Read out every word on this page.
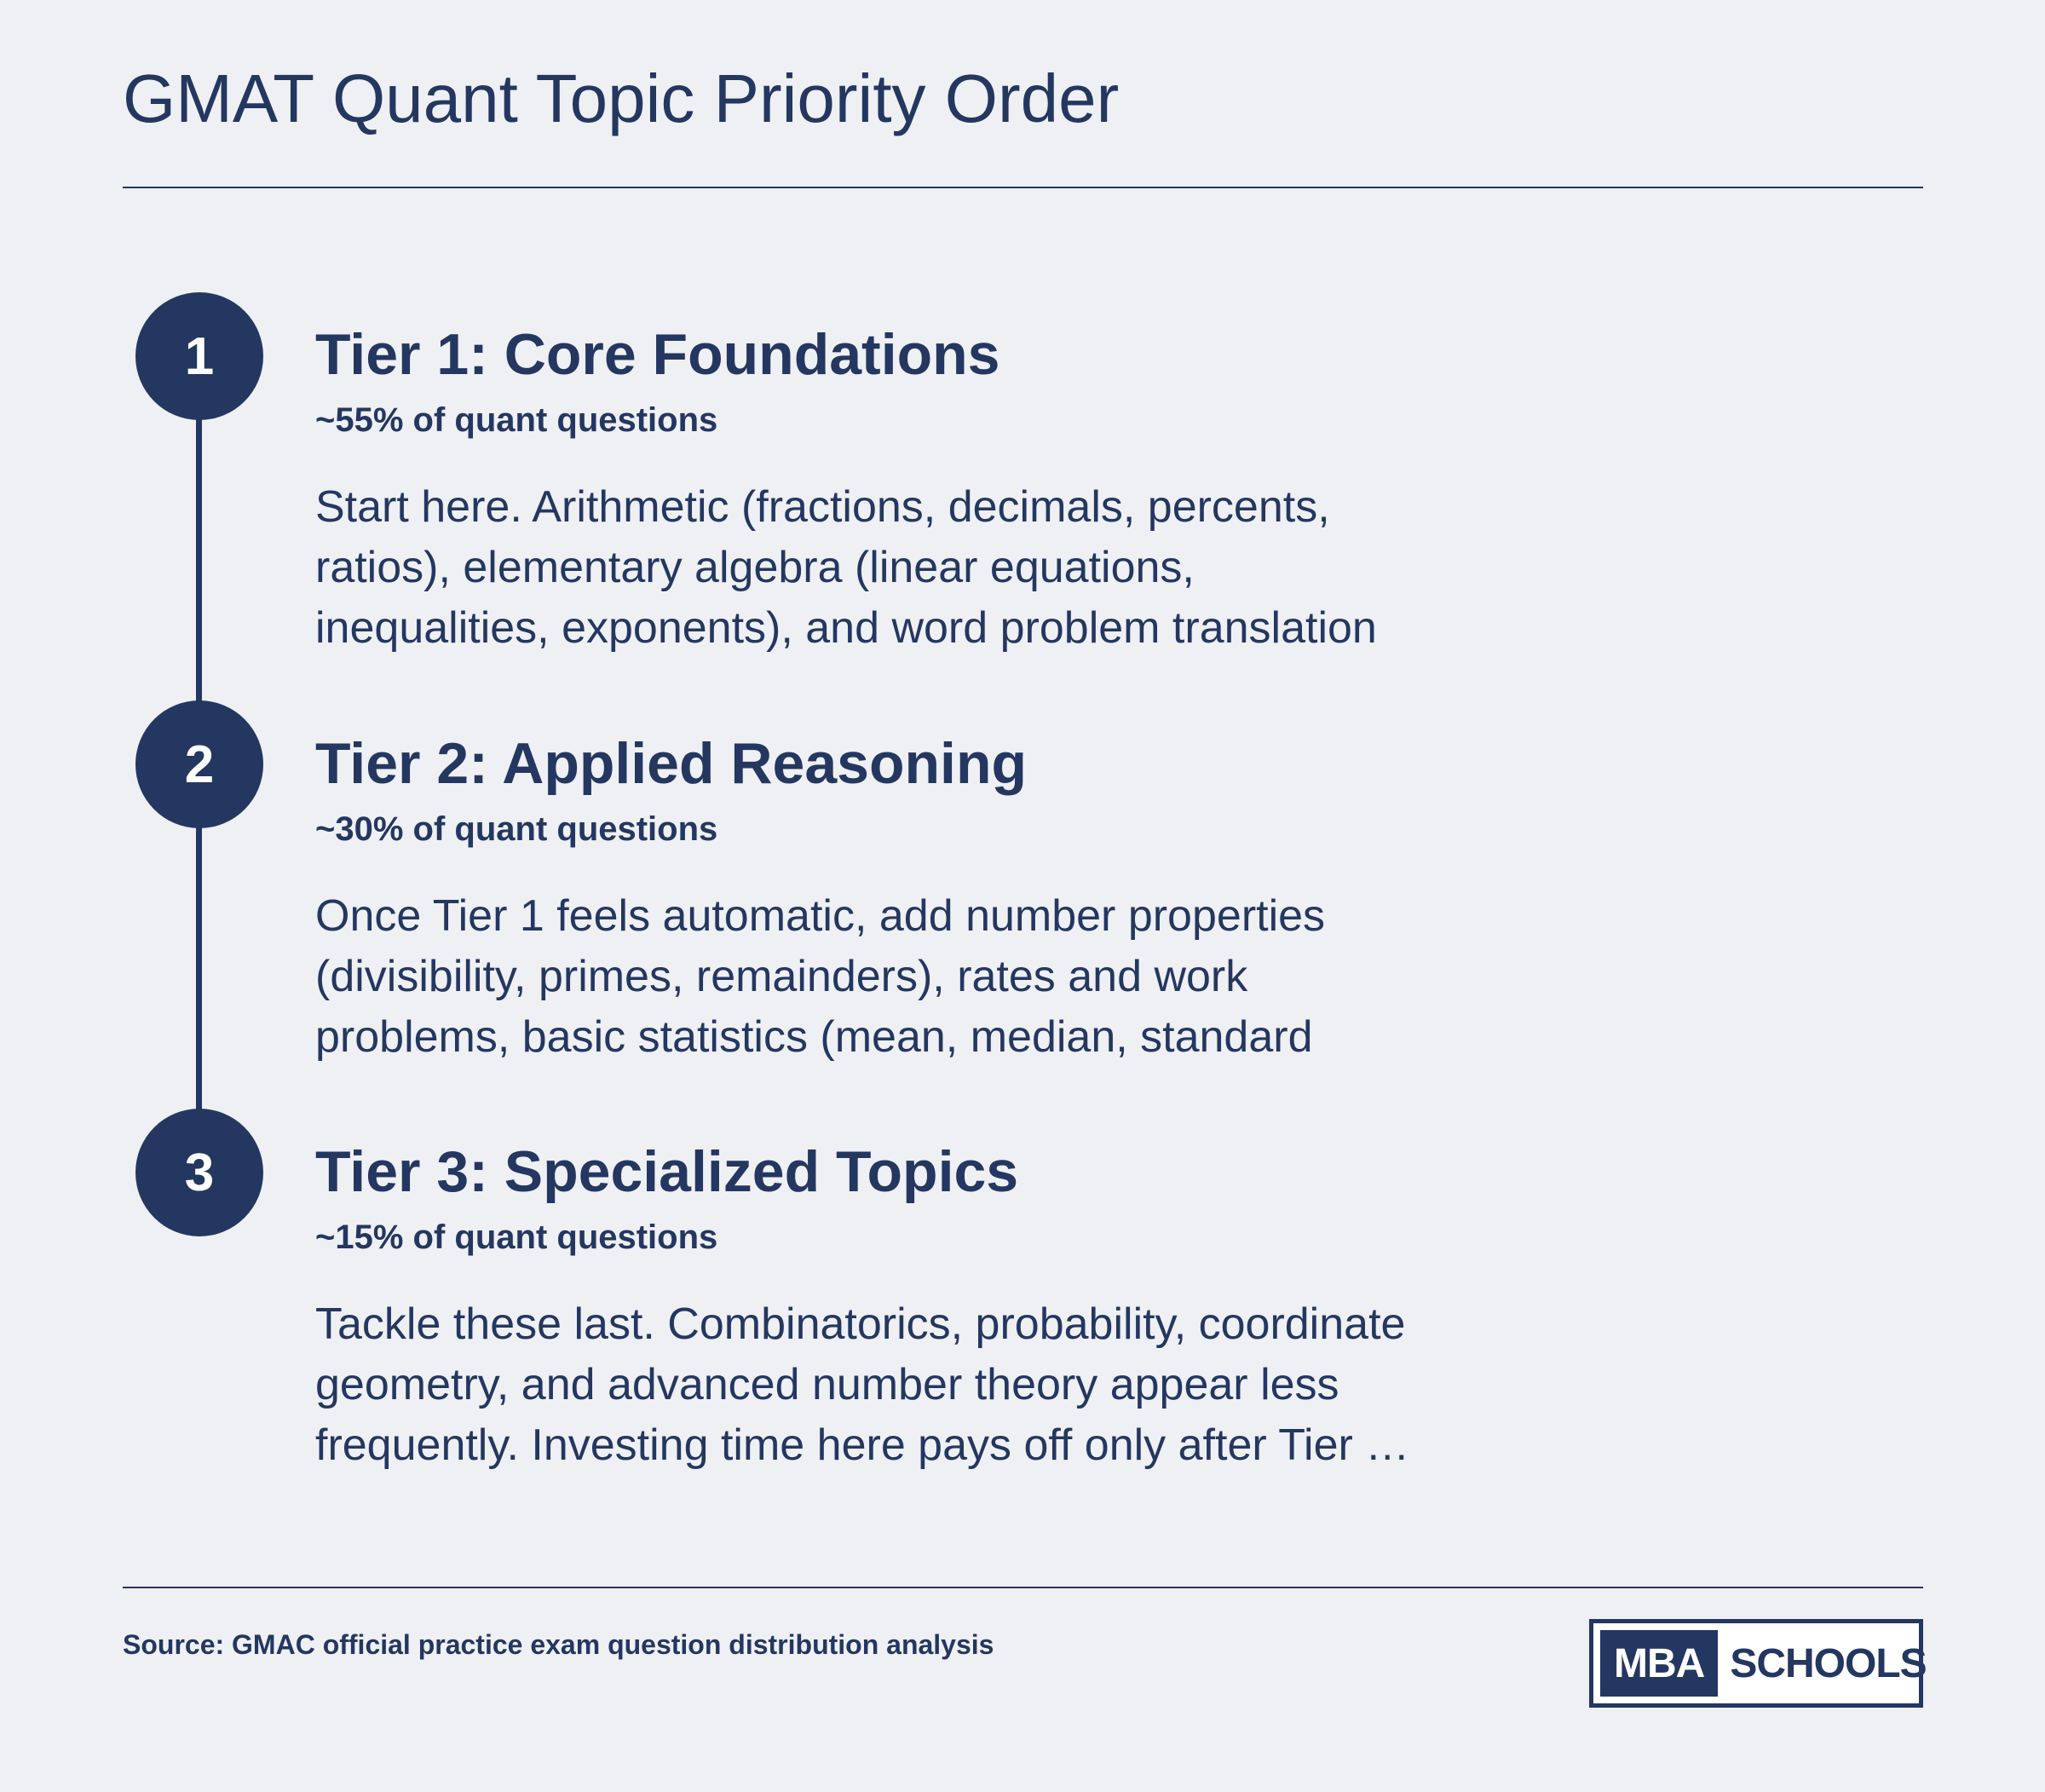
GMAT Quant Topic Priority Order
1 Tier 1: Core Foundations
~55% of quant questions
Start here. Arithmetic (fractions, decimals, percents,
ratios), elementary algebra (linear equations,
inequalities, exponents), and word problem translation
2 Tier 2: Applied Reasoning
~30% of quant questions
Once Tier 1 feels automatic, add number properties
(divisibility, primes, remainders), rates and work
problems, basic statistics (mean, median, standard
3 Tier 3: Specialized Topics
~15% of quant questions
Tackle these last. Combinatorics, probability, coordinate
geometry, and advanced number theory appear less
frequently. Investing time here pays off only after Tier …
Source: GMAC official practice exam question distribution analysis	MBA SCHOOLS
